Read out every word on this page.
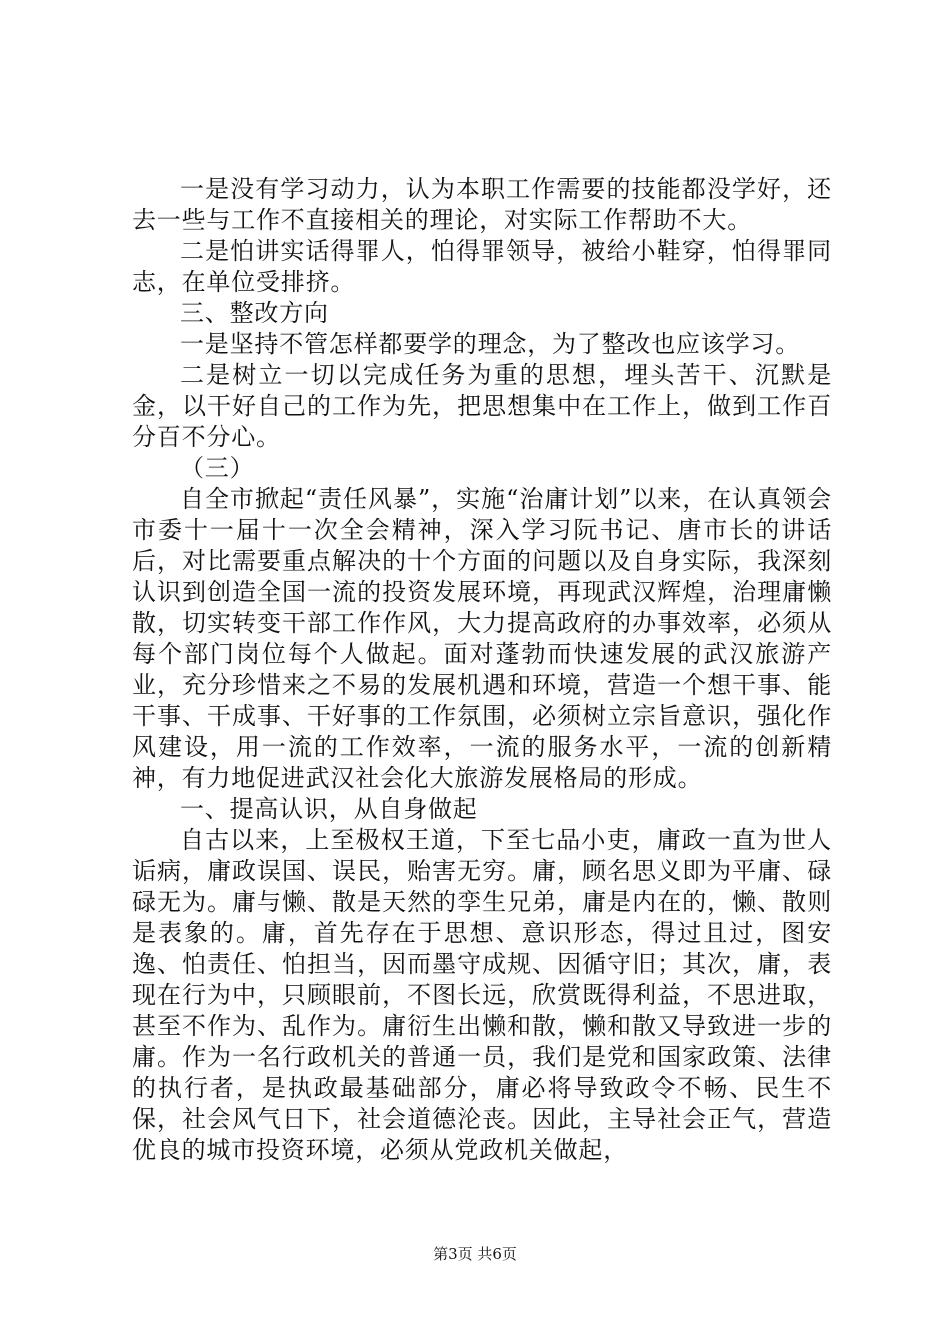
一是没有学习动力，认为本职工作需要的技能都没学好，还去一些与工作不直接相关的理论，对实际工作帮助不大。

二是怕讲实话得罪人，怕得罪领导，被给小鞋穿，怕得罪同志，在单位受排挤。

三、整改方向

一是坚持不管怎样都要学的理念，为了整改也应该学习。

二是树立一切以完成任务为重的思想，埋头苦干、沉默是金，以干好自己的工作为先，把思想集中在工作上，做到工作百分百不分心。

（三）

自全市掀起“责任风暴”，实施“治庸计划”以来，在认真领会市委十一届十一次全会精神，深入学习阮书记、唐市长的讲话后，对比需要重点解决的十个方面的问题以及自身实际，我深刻认识到创造全国一流的投资发展环境，再现武汉辉煌，治理庸懒散，切实转变干部工作作风，大力提高政府的办事效率，必须从每个部门岗位每个人做起。面对蓬勃而快速发展的武汉旅游产业，充分珍惜来之不易的发展机遇和环境，营造一个想干事、能干事、干成事、干好事的工作氛围，必须树立宗旨意识，强化作风建设，用一流的工作效率，一流的服务水平，一流的创新精神，有力地促进武汉社会化大旅游发展格局的形成。

一、提高认识，从自身做起

自古以来，上至极权王道，下至七品小吏，庸政一直为世人诟病，庸政误国、误民，贻害无穷。庸，顾名思义即为平庸、碌碌无为。庸与懒、散是天然的孪生兄弟，庸是内在的，懒、散则是表象的。庸，首先存在于思想、意识形态，得过且过，图安逸、怕责任、怕担当，因而墨守成规、因循守旧；其次，庸，表现在行为中，只顾眼前，不图长远，欣赏既得利益，不思进取，甚至不作为、乱作为。庸衍生出懒和散，懒和散又导致进一步的庸。作为一名行政机关的普通一员，我们是党和国家政策、法律的执行者，是执政最基础部分，庸必将导致政令不畅、民生不保，社会风气日下，社会道德沦丧。因此，主导社会正气，营造优良的城市投资环境，必须从党政机关做起，

第3页 共6页
